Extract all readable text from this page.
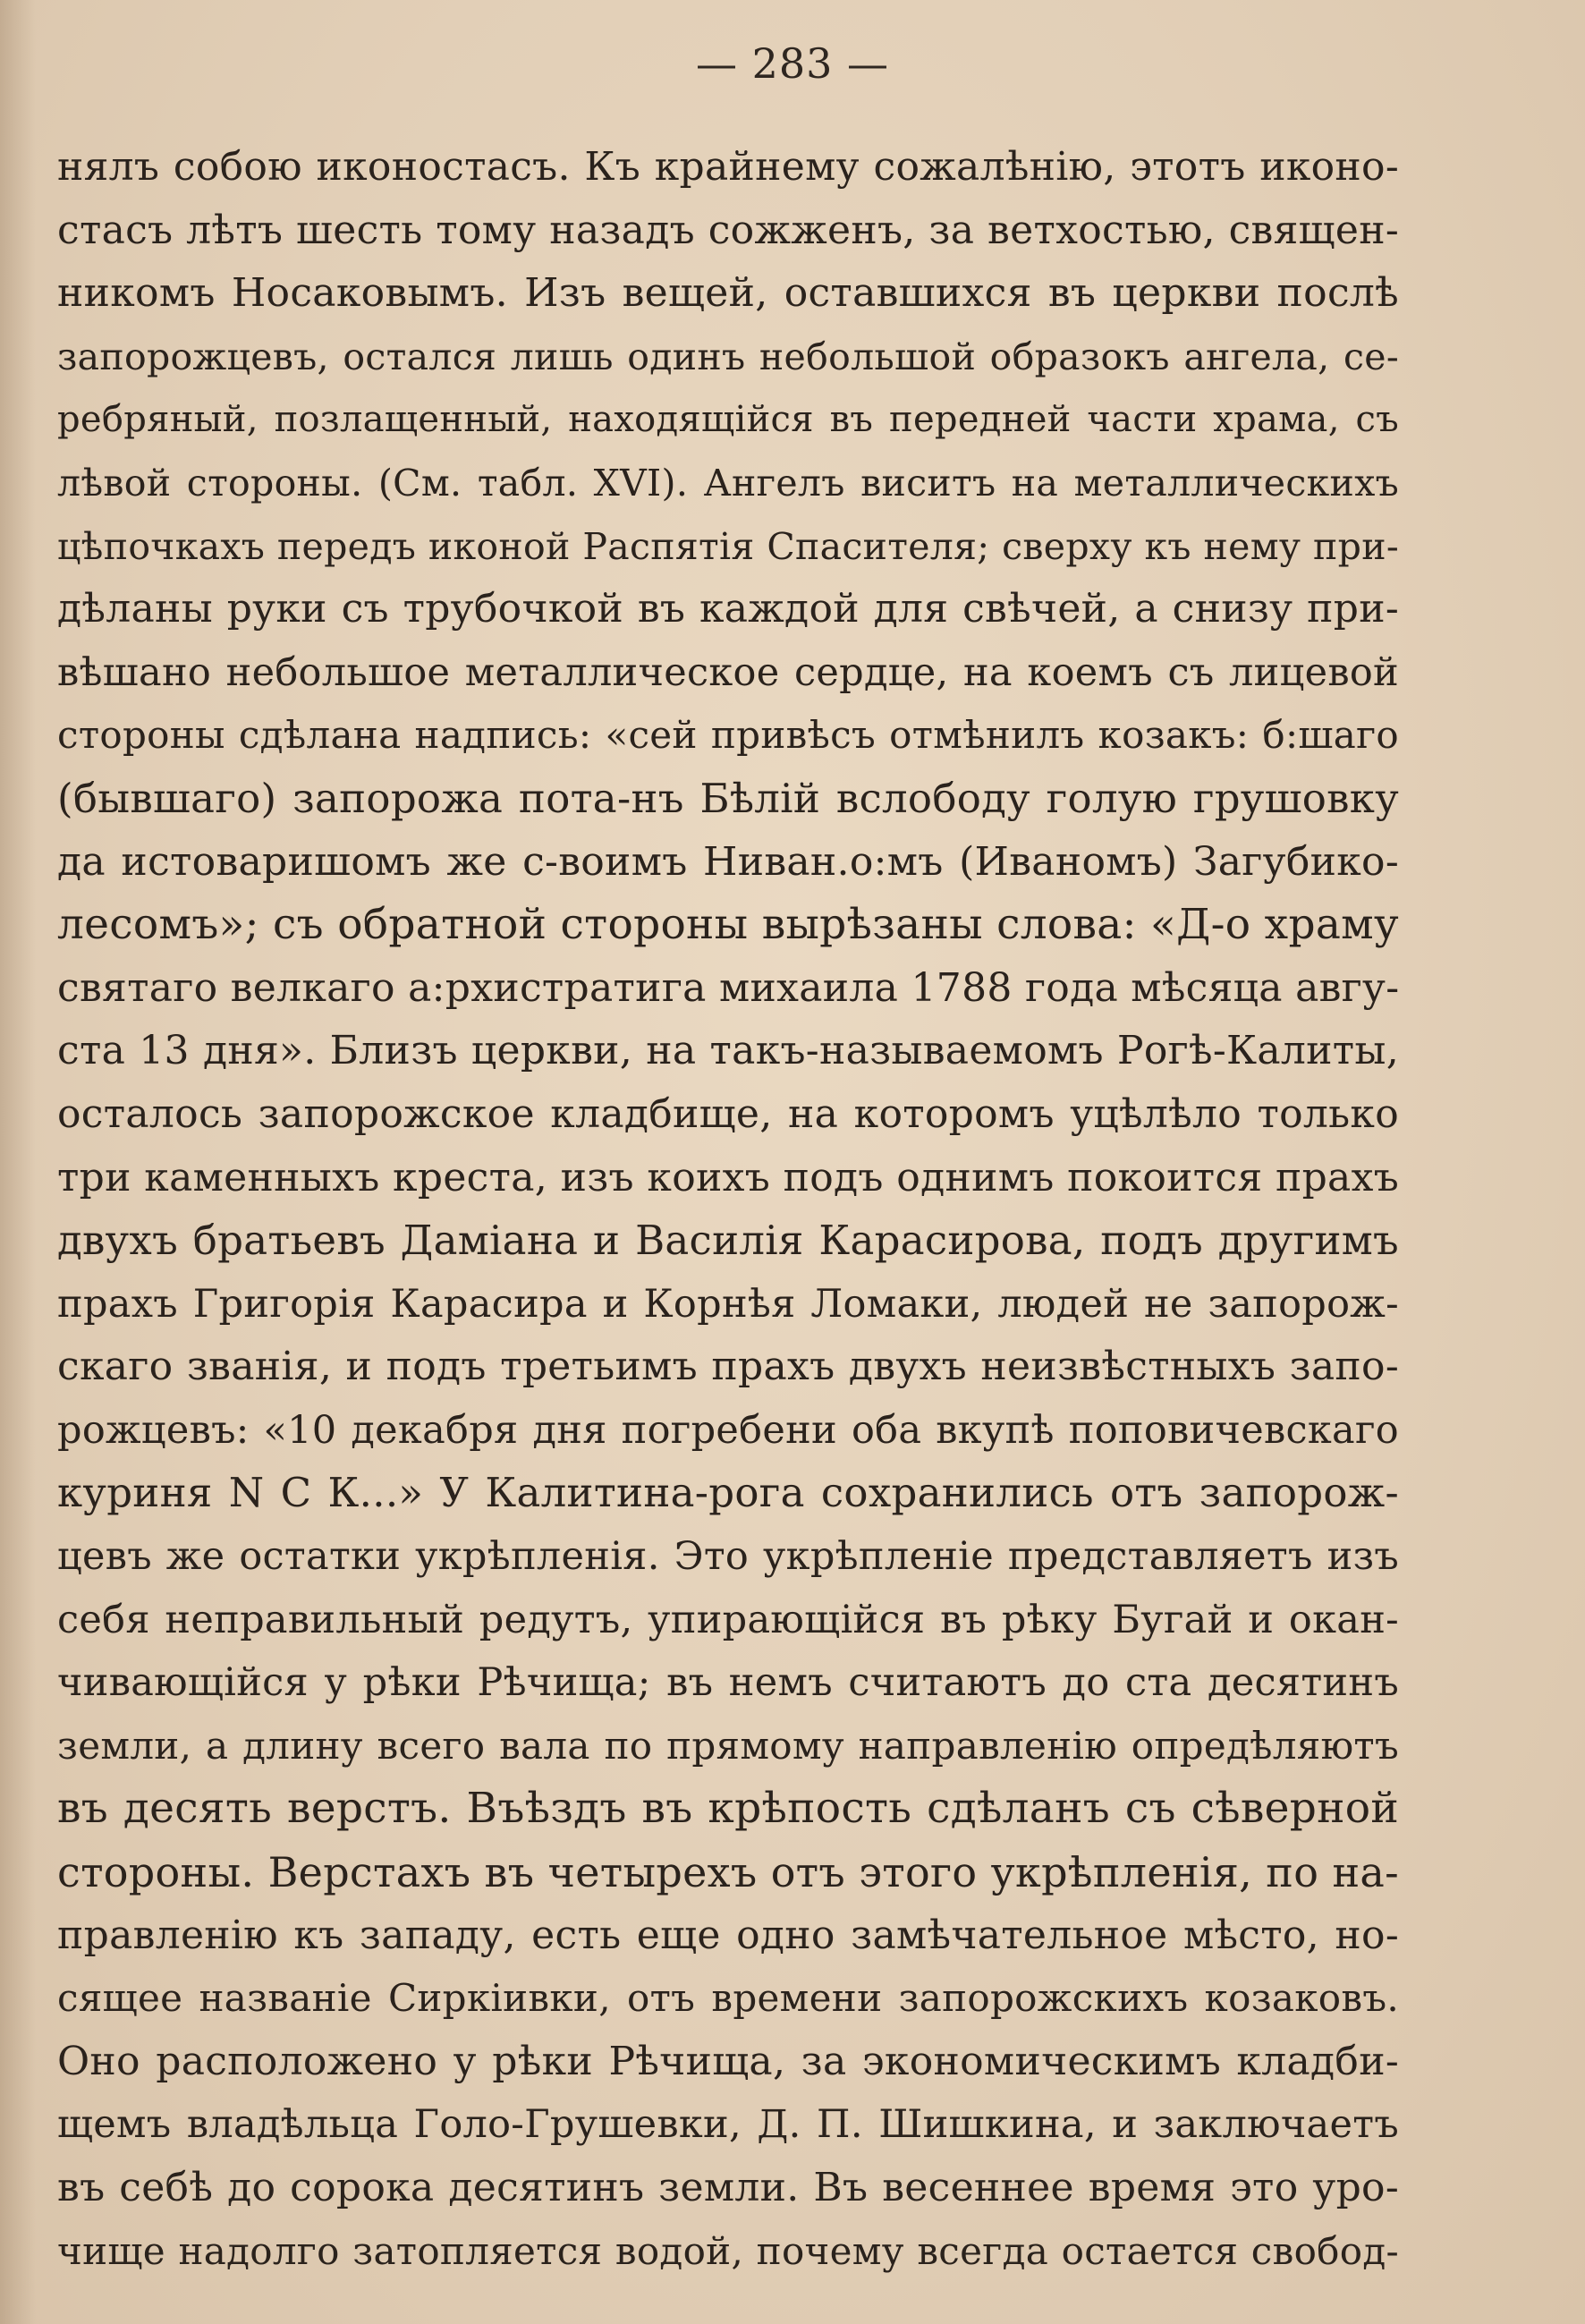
— 283 —
нялъ собою иконостасъ. Къ крайнему сожалѣнію, этотъ иконо-
стасъ лѣтъ шесть тому назадъ сожженъ, за ветхостью, священ-
никомъ Носаковымъ. Изъ вещей, оставшихся въ церкви послѣ
запорожцевъ, остался лишь одинъ небольшой образокъ ангела, се-
ребряный, позлащенный, находящійся въ передней части храма, съ
лѣвой стороны. (См. табл. XVI). Ангелъ виситъ на металлическихъ
цѣпочкахъ передъ иконой Распятія Спасителя; сверху къ нему при-
дѣланы руки съ трубочкой въ каждой для свѣчей, а снизу при-
вѣшано небольшое металлическое сердце, на коемъ съ лицевой
стороны сдѣлана надпись: «сей привѣсъ отмѣнилъ козакъ: б:шаго
(бывшаго) запорожа пота-нъ Бѣлій вслободу голую грушовку
да истоваришомъ же с-воимъ Ниван.о:мъ (Иваномъ) Загубико-
лесомъ»; съ обратной стороны вырѣзаны слова: «Д-о храму
святаго велкаго а:рхистратига михаила 1788 года мѣсяца авгу-
ста 13 дня». Близъ церкви, на такъ-называемомъ Рогѣ-Калиты,
осталось запорожское кладбище, на которомъ уцѣлѣло только
три каменныхъ креста, изъ коихъ подъ однимъ покоится прахъ
двухъ братьевъ Даміана и Василія Карасирова, подъ другимъ
прахъ Григорія Карасира и Корнѣя Ломаки, людей не запорож-
скаго званія, и подъ третьимъ прахъ двухъ неизвѣстныхъ запо-
рожцевъ: «10 декабря дня погребени оба вкупѣ поповичевскаго
куриня N С К...» У Калитина-рога сохранились отъ запорож-
цевъ же остатки укрѣпленія. Это укрѣпленіе представляетъ изъ
себя неправильный редутъ, упирающійся въ рѣку Бугай и окан-
чивающійся у рѣки Рѣчища; въ немъ считаютъ до ста десятинъ
земли, а длину всего вала по прямому направленію опредѣляютъ
въ десять верстъ. Въѣздъ въ крѣпость сдѣланъ съ сѣверной
стороны. Верстахъ въ четырехъ отъ этого укрѣпленія, по на-
правленію къ западу, есть еще одно замѣчательное мѣсто, но-
сящее названіе Сиркіивки, отъ времени запорожскихъ козаковъ.
Оно расположено у рѣки Рѣчища, за экономическимъ кладби-
щемъ владѣльца Голо-Грушевки, Д. П. Шишкина, и заключаетъ
въ себѣ до сорока десятинъ земли. Въ весеннее время это уро-
чище надолго затопляется водой, почему всегда остается свобод-
